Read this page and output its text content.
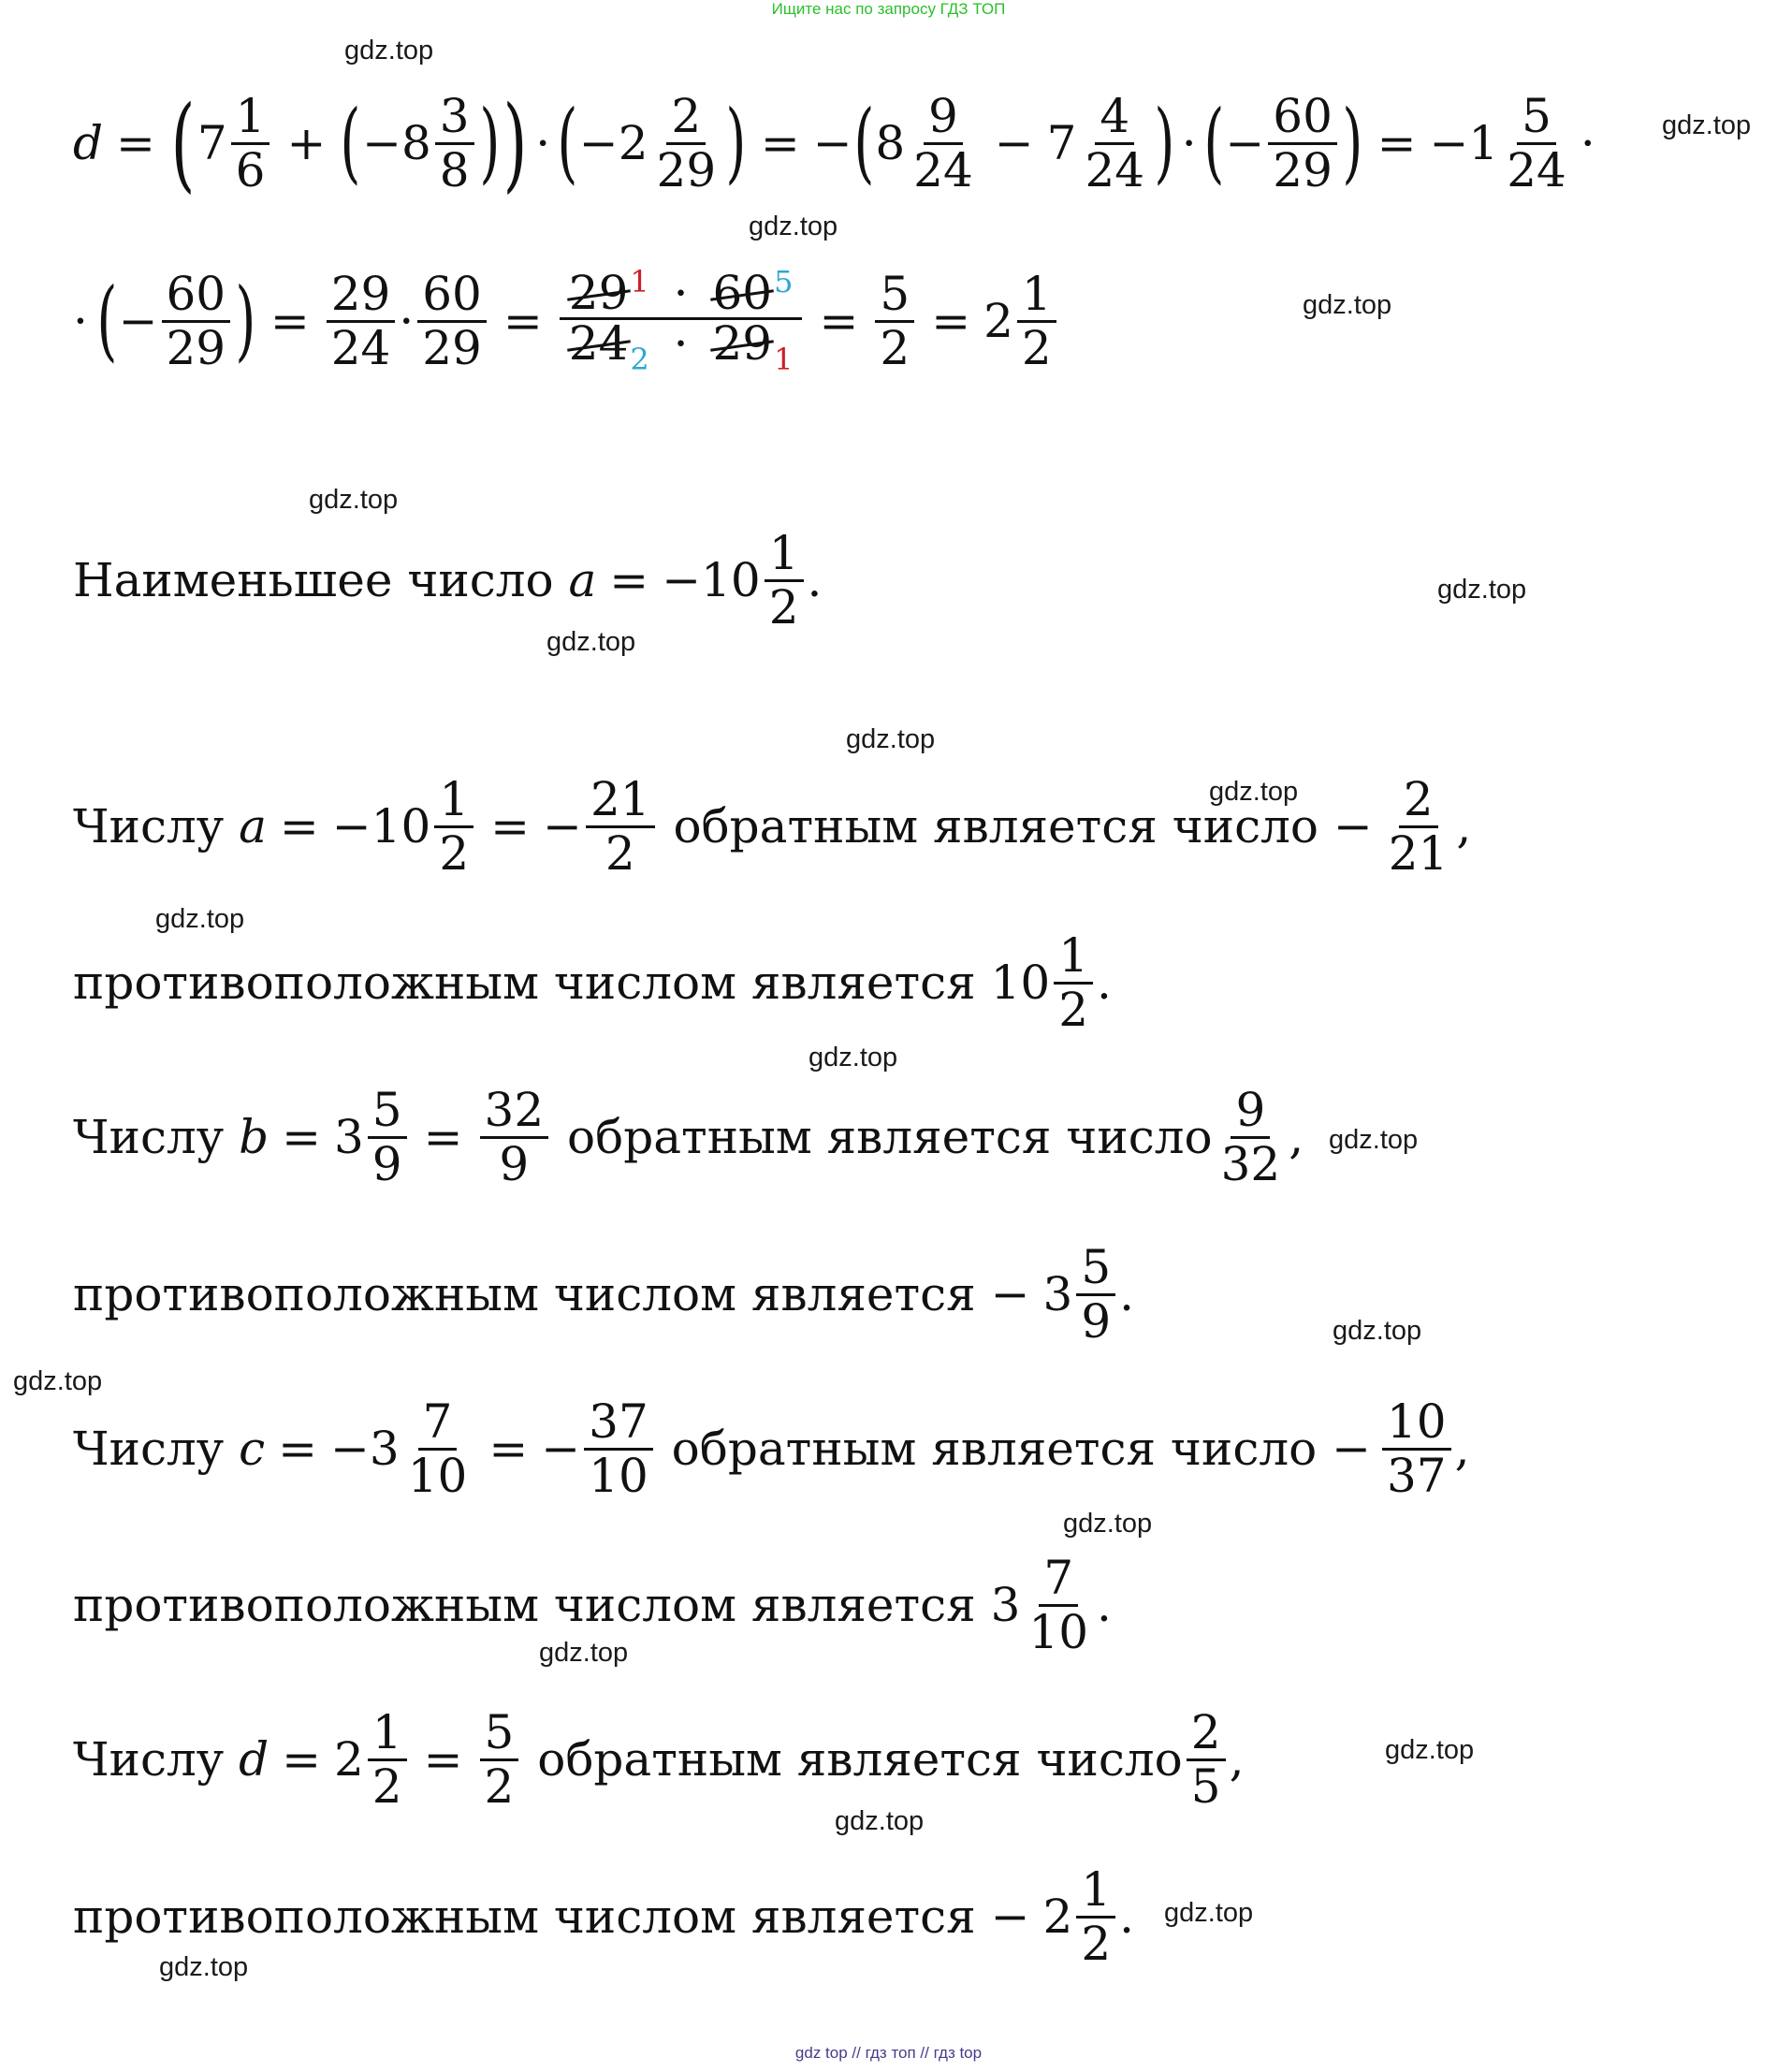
Ищите нас по запросу ГДЗ ТОП
d = ( $7 \frac{1}{6}$ + ( $-8 \frac{3}{8}$ ) ) · ( $-2 \frac{2}{29}$ ) = − ( $8 \frac{9}{24} - 7 \frac{4}{24}$ ) · ( − $\frac{60}{29}$ ) = $-1 \frac{5}{24}$ ·
· ( − $\frac{60}{29}$ ) = $\frac{29}{24} \cdot \frac{60}{29} = \frac{29^1 \cdot 60^5}{24_2 \cdot 29_1} = \frac{5}{2} = 2 \frac{1}{2}$
Наименьшее число $a = -10 \frac{1}{2}$ .
Числу $a = -10 \frac{1}{2}$ = − $\frac{21}{2}$ обратным является число − $\frac{2}{21}$ ,
противоположным числом является $10 \frac{1}{2}$ .
Числу $b = 3 \frac{5}{9} = \frac{32}{9}$ обратным является число $\frac{9}{32}$ ,
противоположным числом является − $3 \frac{5}{9}$ .
Числу $c = -3 \frac{7}{10}$ = − $\frac{37}{10}$ обратным является число − $\frac{10}{37}$ ,
противоположным числом является $3 \frac{7}{10}$ .
Числу $d = 2 \frac{1}{2} = \frac{5}{2}$ обратным является число $\frac{2}{5}$ ,
противоположным числом является − $2 \frac{1}{2}$ .
gdz.top
gdz.top
gdz.top
gdz.top
gdz.top
gdz.top
gdz.top
gdz.top
gdz.top
gdz.top
gdz.top
gdz.top
gdz.top
gdz.top
gdz.top
gdz.top
gdz.top
gdz.top
gdz.top
gdz.top
gdz top // гдз топ // гдз top
